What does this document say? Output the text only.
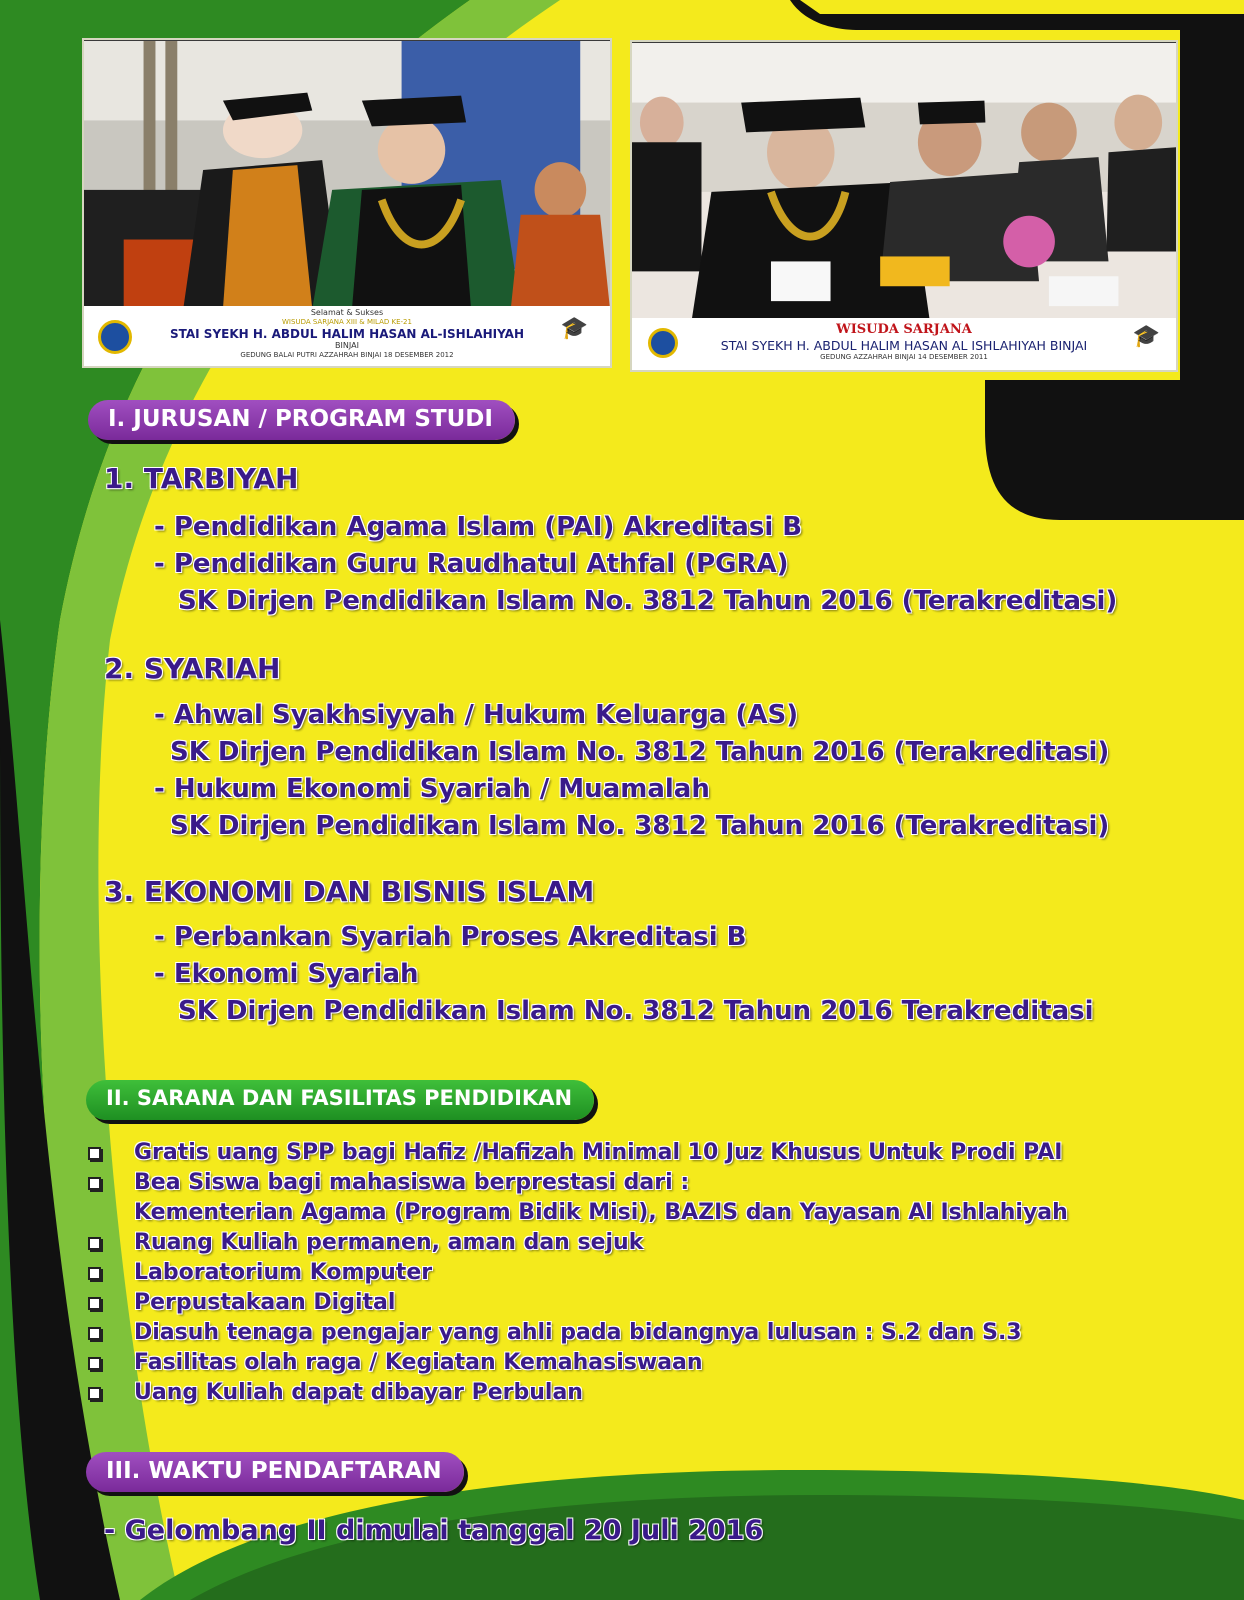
🎓
Selamat & Sukses
WISUDA SARJANA XIII & MILAD KE-21
STAI SYEKH H. ABDUL HALIM HASAN AL-ISHLAHIYAH
BINJAI
GEDUNG BALAI PUTRI AZZAHRAH BINJAI 18 DESEMBER 2012
🎓
WISUDA SARJANA
STAI SYEKH H. ABDUL HALIM HASAN AL ISHLAHIYAH BINJAI
GEDUNG AZZAHRAH BINJAI 14 DESEMBER 2011
I. JURUSAN / PROGRAM STUDI
1. TARBIYAH
- Pendidikan Agama Islam (PAI) Akreditasi B
- Pendidikan Guru Raudhatul Athfal (PGRA)
SK Dirjen Pendidikan Islam No. 3812 Tahun 2016 (Terakreditasi)
2. SYARIAH
- Ahwal Syakhsiyyah / Hukum Keluarga (AS)
SK Dirjen Pendidikan Islam No. 3812 Tahun 2016 (Terakreditasi)
- Hukum Ekonomi Syariah / Muamalah
SK Dirjen Pendidikan Islam No. 3812 Tahun 2016 (Terakreditasi)
3. EKONOMI DAN BISNIS ISLAM
- Perbankan Syariah Proses Akreditasi B
- Ekonomi Syariah
SK Dirjen Pendidikan Islam No. 3812 Tahun 2016 Terakreditasi
II. SARANA DAN FASILITAS PENDIDIKAN
Gratis uang SPP bagi Hafiz /Hafizah Minimal 10 Juz Khusus Untuk Prodi PAI
Bea Siswa bagi mahasiswa berprestasi dari :
Kementerian Agama (Program Bidik Misi), BAZIS dan Yayasan Al Ishlahiyah
Ruang Kuliah permanen, aman dan sejuk
Laboratorium Komputer
Perpustakaan Digital
Diasuh tenaga pengajar yang ahli pada bidangnya lulusan : S.2 dan S.3
Fasilitas olah raga / Kegiatan Kemahasiswaan
Uang Kuliah dapat dibayar Perbulan
III. WAKTU PENDAFTARAN
- Gelombang II dimulai tanggal 20 Juli 2016
